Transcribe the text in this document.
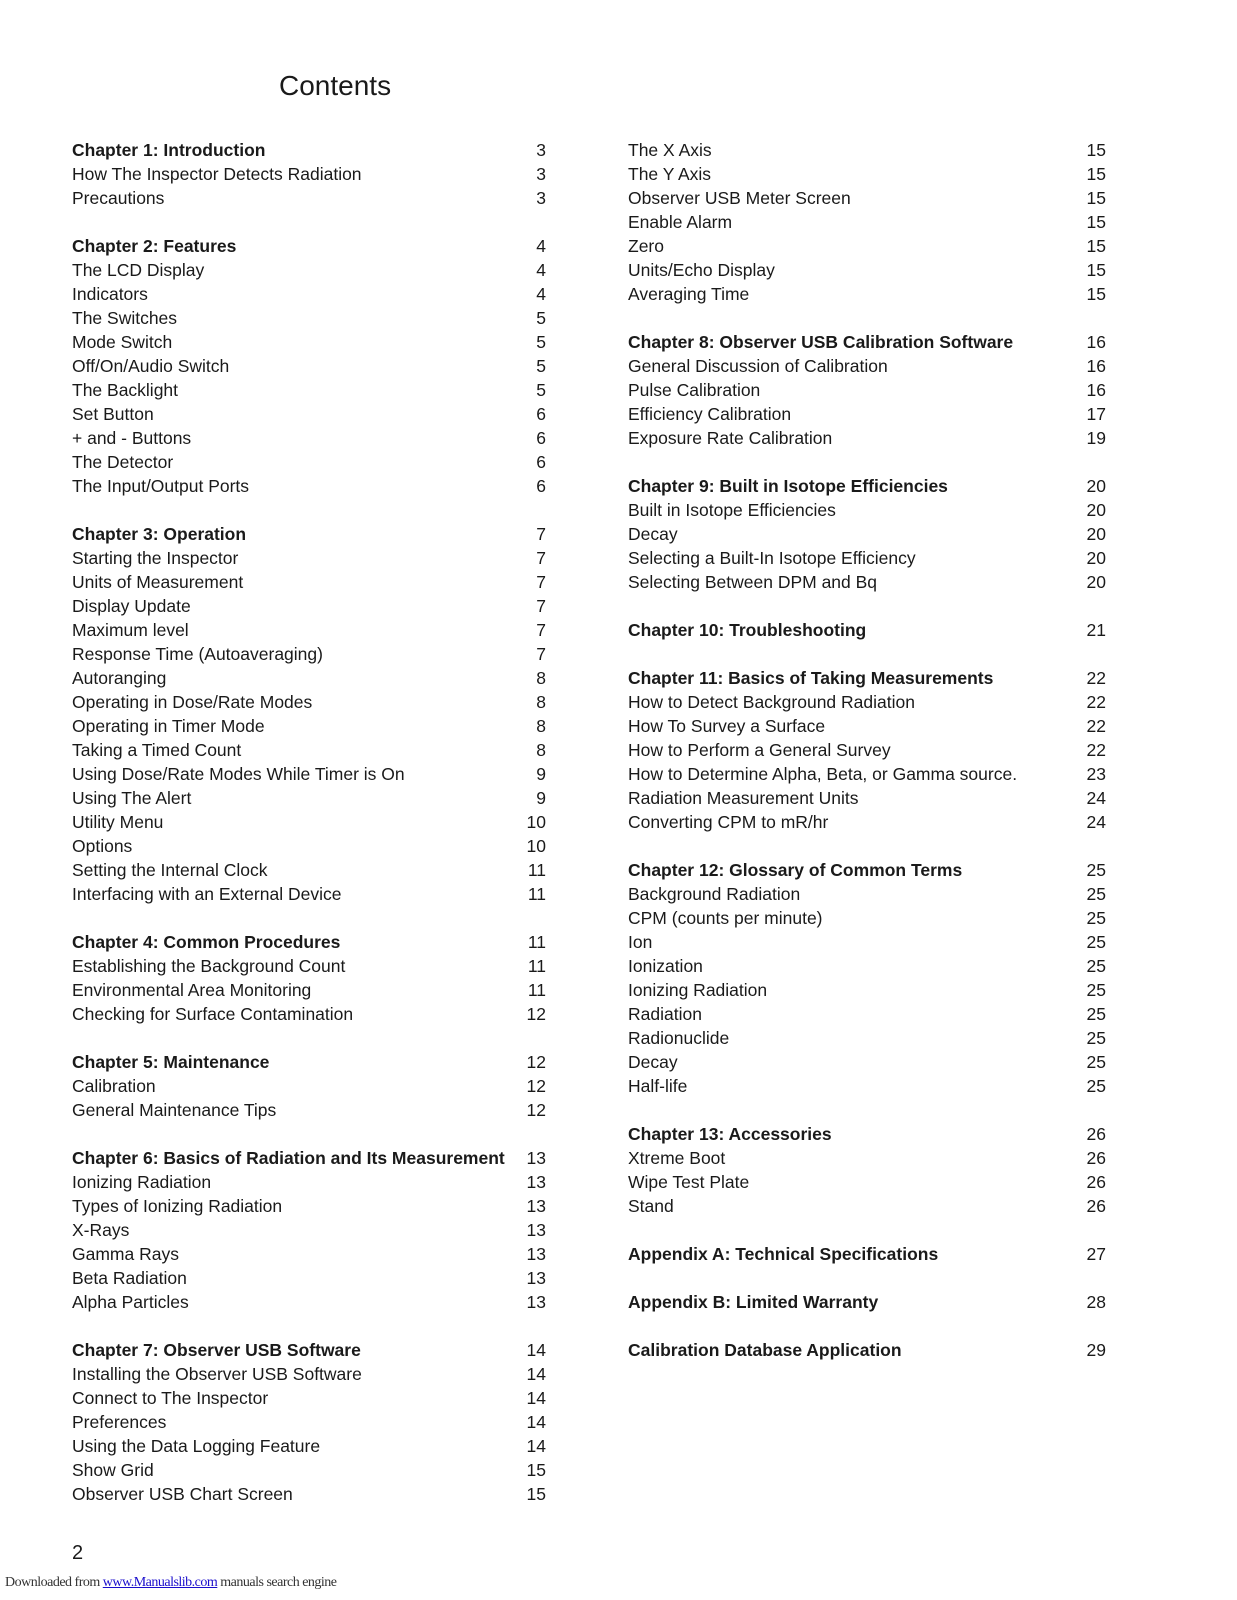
Contents
Chapter 1: Introduction	3
How The Inspector Detects Radiation	3
Precautions	3
Chapter 2: Features	4
The LCD Display	4
Indicators	4
The Switches	5
Mode Switch	5
Off/On/Audio Switch	5
The Backlight	5
Set Button	6
+ and - Buttons	6
The Detector	6
The Input/Output Ports	6
Chapter 3: Operation	7
Starting the Inspector	7
Units of Measurement	7
Display Update	7
Maximum level	7
Response Time (Autoaveraging)	7
Autoranging	8
Operating in Dose/Rate Modes	8
Operating in Timer Mode	8
Taking a Timed Count	8
Using Dose/Rate Modes While Timer is On	9
Using The Alert	9
Utility Menu	10
Options	10
Setting the Internal Clock	11
Interfacing with an External Device	11
Chapter 4: Common Procedures	11
Establishing the Background Count	11
Environmental Area Monitoring	11
Checking for Surface Contamination	12
Chapter 5: Maintenance	12
Calibration	12
General Maintenance Tips	12
Chapter 6: Basics of Radiation and Its Measurement 13
Ionizing Radiation	13
Types of Ionizing Radiation	13
X-Rays	13
Gamma Rays	13
Beta Radiation	13
Alpha Particles	13
Chapter 7: Observer USB Software	14
Installing the Observer USB Software	14
Connect to The Inspector	14
Preferences	14
Using the Data Logging Feature	14
Show Grid	15
Observer USB Chart Screen	15
The X Axis	15
The Y Axis	15
Observer USB Meter Screen	15
Enable Alarm	15
Zero	15
Units/Echo Display	15
Averaging Time	15
Chapter 8: Observer USB Calibration Software	16
General Discussion of Calibration	16
Pulse Calibration	16
Efficiency Calibration	17
Exposure Rate Calibration	19
Chapter 9: Built in Isotope Efficiencies	20
Built in Isotope Efficiencies	20
Decay	20
Selecting a Built-In Isotope Efficiency	20
Selecting Between DPM and Bq	20
Chapter 10: Troubleshooting	21
Chapter 11: Basics of Taking Measurements	22
How to Detect Background Radiation	22
How To Survey a Surface	22
How to Perform a General Survey	22
How to Determine Alpha, Beta, or Gamma source.	23
Radiation Measurement Units	24
Converting CPM to mR/hr	24
Chapter 12: Glossary of Common Terms	25
Background Radiation	25
CPM (counts per minute)	25
Ion	25
Ionization	25
Ionizing Radiation	25
Radiation	25
Radionuclide	25
Decay	25
Half-life	25
Chapter 13: Accessories	26
Xtreme Boot	26
Wipe Test Plate	26
Stand	26
Appendix A: Technical Specifications	27
Appendix B: Limited Warranty	28
Calibration Database Application	29
2
Downloaded from www.Manualslib.com manuals search engine
